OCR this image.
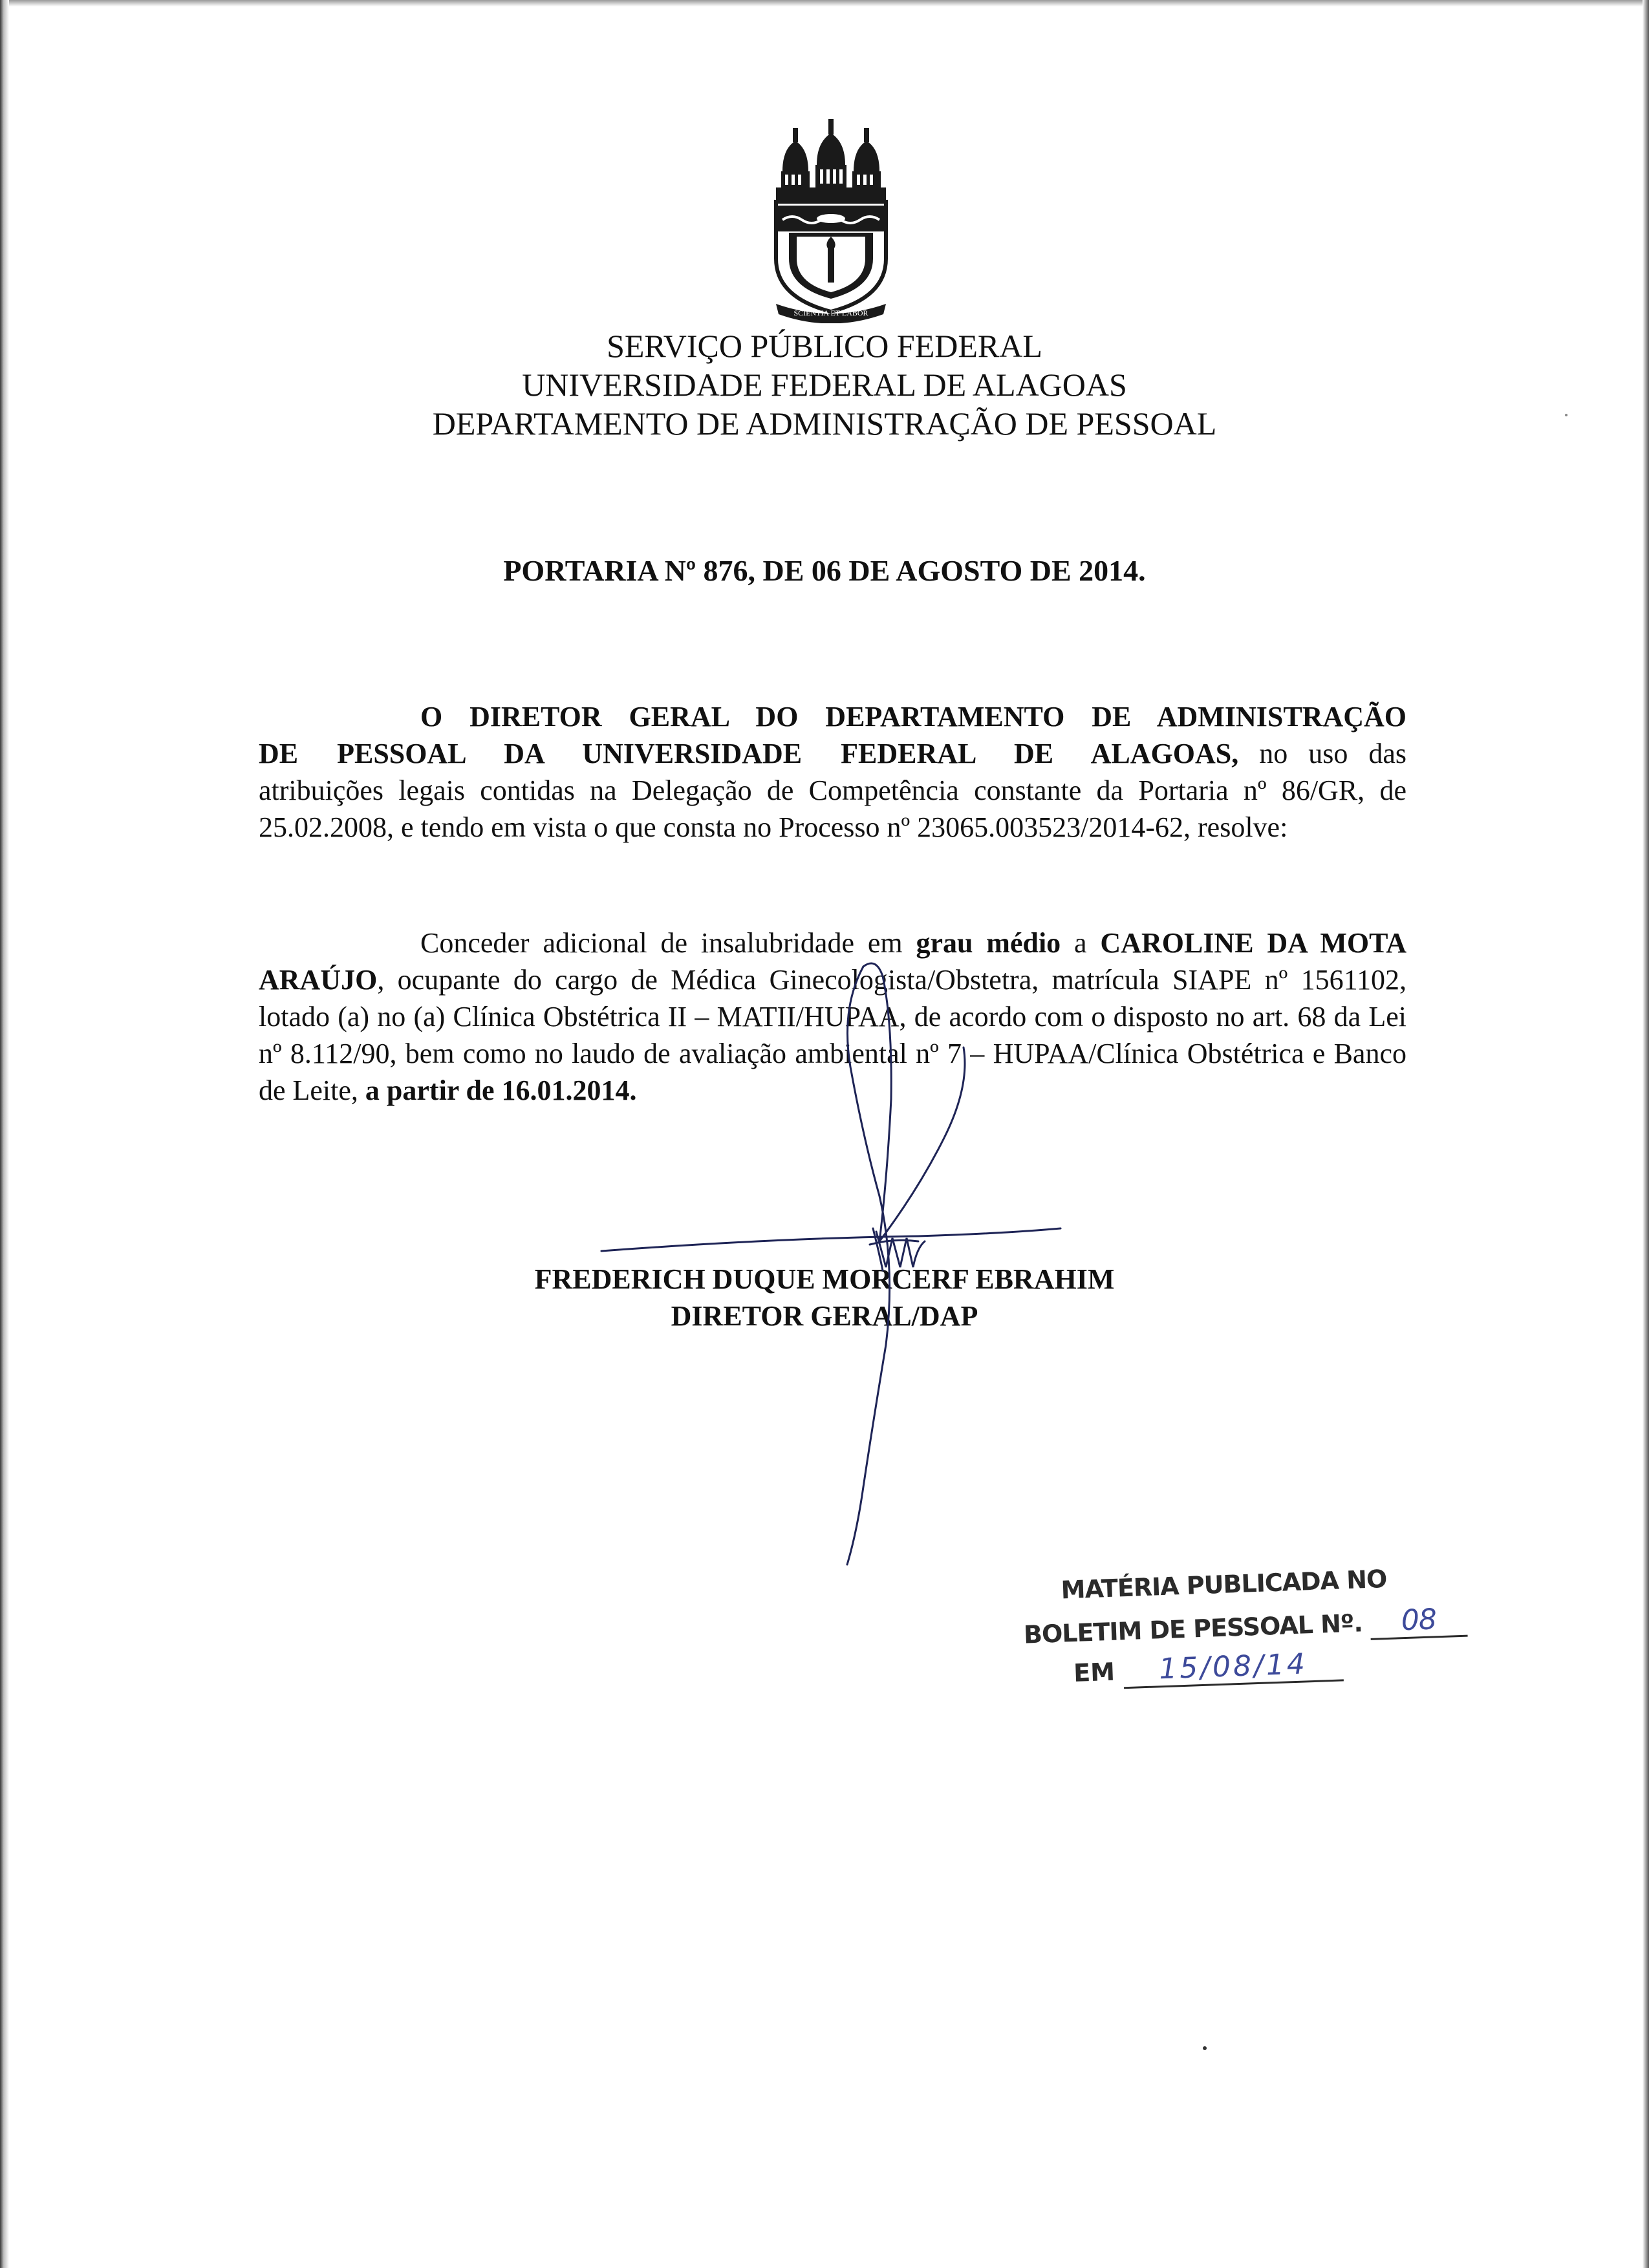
SCIENTIA ET LABOR
SERVIÇO PÚBLICO FEDERAL
UNIVERSIDADE FEDERAL DE ALAGOAS
DEPARTAMENTO DE ADMINISTRAÇÃO DE PESSOAL
PORTARIA Nº 876, DE 06 DE AGOSTO DE 2014.
O DIRETOR GERAL DO DEPARTAMENTO DE ADMINISTRAÇÃO DE PESSOAL DA UNIVERSIDADE FEDERAL DE ALAGOAS, no uso das atribuições legais contidas na Delegação de Competência constante da Portaria nº 86/GR, de 25.02.2008, e tendo em vista o que consta no Processo nº 23065.003523/2014-62, resolve:
Conceder adicional de insalubridade em grau médio a CAROLINE DA MOTA ARAÚJO, ocupante do cargo de Médica Ginecologista/Obstetra, matrícula SIAPE nº 1561102, lotado (a) no (a) Clínica Obstétrica II – MATII/HUPAA, de acordo com o disposto no art. 68 da Lei nº 8.112/90, bem como no laudo de avaliação ambiental nº 7 – HUPAA/Clínica Obstétrica e Banco de Leite, a partir de 16.01.2014.
FREDERICH DUQUE MORCERF EBRAHIM
DIRETOR GERAL/DAP
MATÉRIA PUBLICADA NO
BOLETIM DE PESSOAL Nº. 08
EM 15/08/14
